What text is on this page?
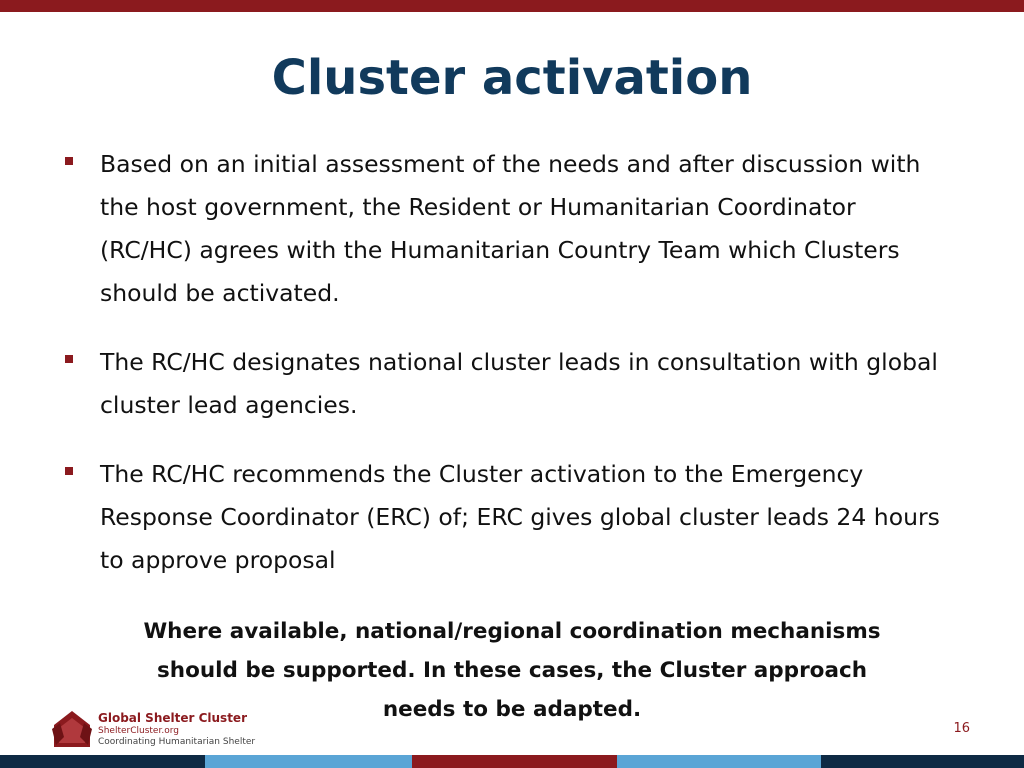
Cluster activation
Based on an initial assessment of the needs and after discussion with the host government, the Resident or Humanitarian Coordinator (RC/HC) agrees with the Humanitarian Country Team which Clusters should be activated.
The RC/HC designates national cluster leads in consultation with global cluster lead agencies.
The RC/HC recommends the Cluster activation to the Emergency Response Coordinator (ERC) of; ERC gives global cluster leads 24 hours to approve proposal

Where available, national/regional coordination mechanisms
should be supported. In these cases, the Cluster approach
needs to be adapted.

Global Shelter Cluster
ShelterCluster.org
Coordinating Humanitarian Shelter
16
